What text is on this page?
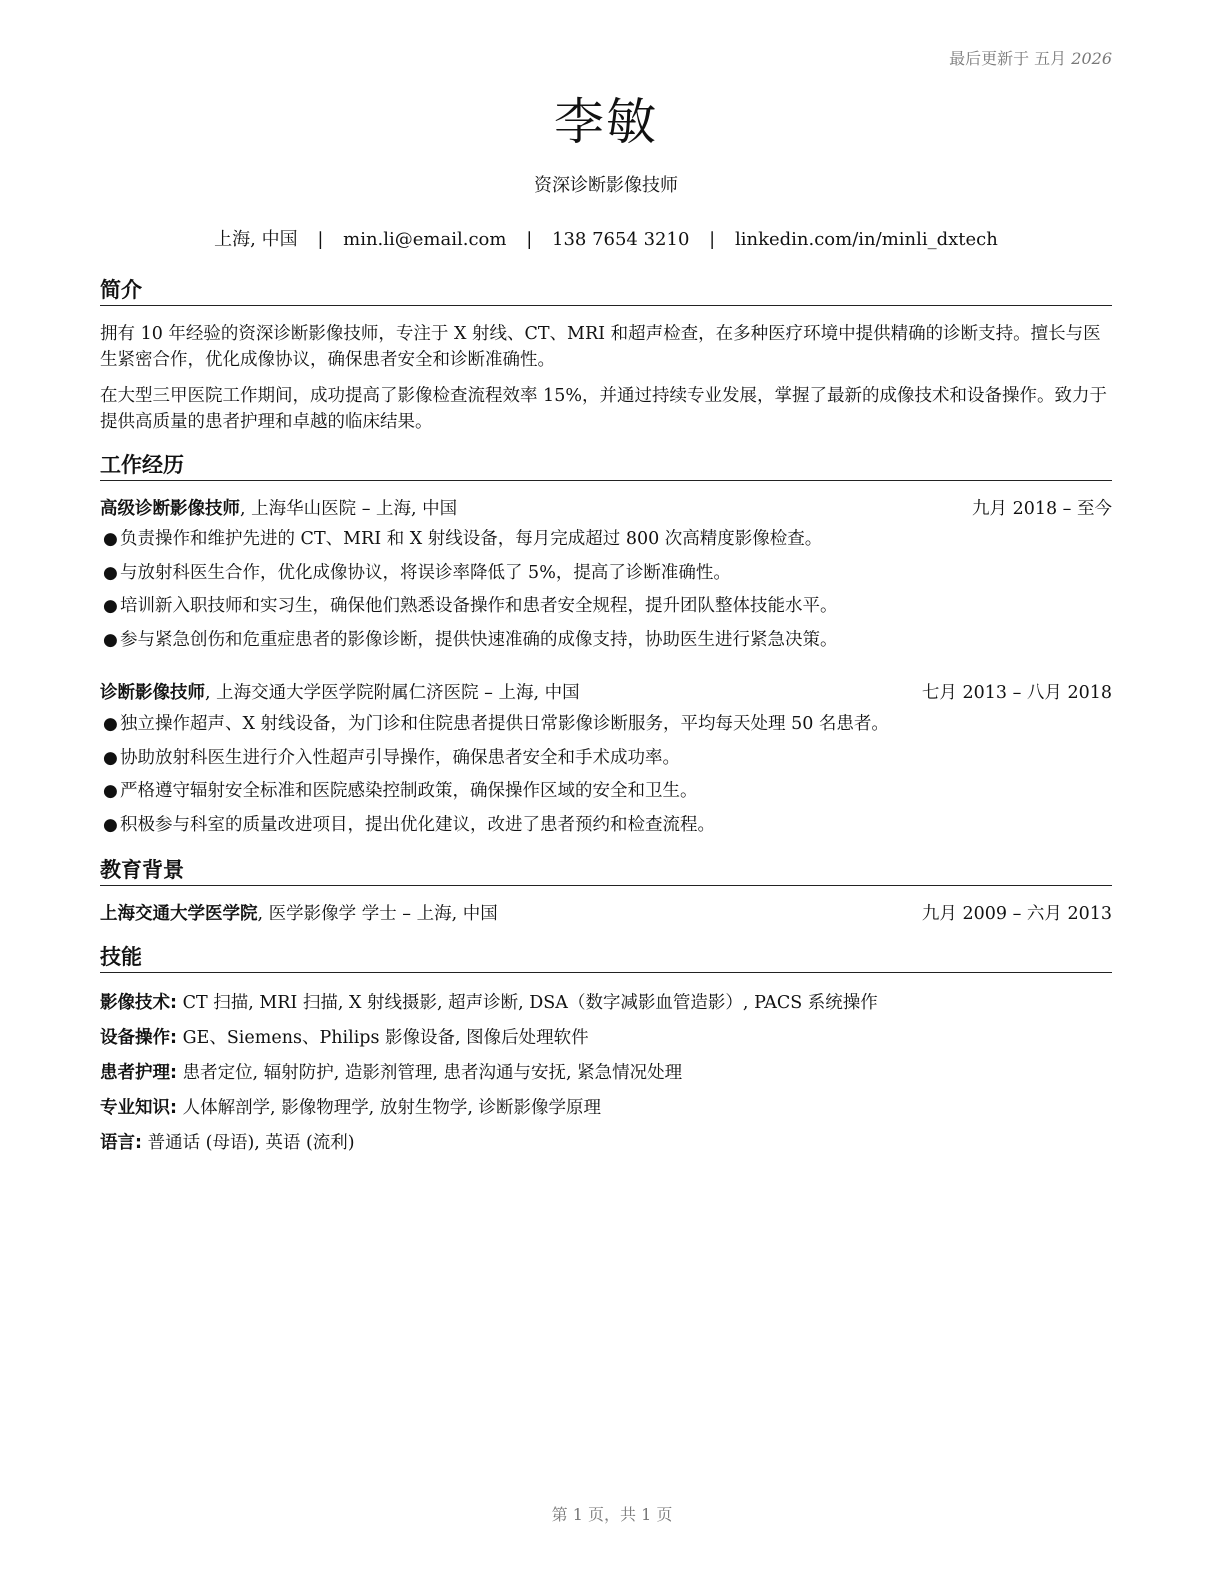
最后更新于 五月 2026
李敏
资深诊断影像技师
上海, 中国 | min.li@email.com | 138 7654 3210 | linkedin.com/in/minli_dxtech
简介

拥有 10 年经验的资深诊断影像技师，专注于 X 射线、CT、MRI 和超声检查，在多种医疗环境中提供精确的诊断支持。擅长与医生紧密合作，优化成像协议，确保患者安全和诊断准确性。

在大型三甲医院工作期间，成功提高了影像检查流程效率 15%，并通过持续专业发展，掌握了最新的成像技术和设备操作。致力于提供高质量的患者护理和卓越的临床结果。

工作经历
高级诊断影像技师, 上海华山医院 – 上海, 中国	九月 2018 – 至今
● 负责操作和维护先进的 CT、MRI 和 X 射线设备，每月完成超过 800 次高精度影像检查。
● 与放射科医生合作，优化成像协议，将误诊率降低了 5%，提高了诊断准确性。
● 培训新入职技师和实习生，确保他们熟悉设备操作和患者安全规程，提升团队整体技能水平。
● 参与紧急创伤和危重症患者的影像诊断，提供快速准确的成像支持，协助医生进行紧急决策。
诊断影像技师, 上海交通大学医学院附属仁济医院 – 上海, 中国	七月 2013 – 八月 2018
● 独立操作超声、X 射线设备，为门诊和住院患者提供日常影像诊断服务，平均每天处理 50 名患者。
● 协助放射科医生进行介入性超声引导操作，确保患者安全和手术成功率。
● 严格遵守辐射安全标准和医院感染控制政策，确保操作区域的安全和卫生。
● 积极参与科室的质量改进项目，提出优化建议，改进了患者预约和检查流程。
教育背景
上海交通大学医学院, 医学影像学 学士 – 上海, 中国	九月 2009 – 六月 2013
技能
影像技术: CT 扫描, MRI 扫描, X 射线摄影, 超声诊断, DSA（数字减影血管造影）, PACS 系统操作
设备操作: GE、Siemens、Philips 影像设备, 图像后处理软件
患者护理: 患者定位, 辐射防护, 造影剂管理, 患者沟通与安抚, 紧急情况处理
专业知识: 人体解剖学, 影像物理学, 放射生物学, 诊断影像学原理
语言: 普通话 (母语), 英语 (流利)
第 1 页，共 1 页
